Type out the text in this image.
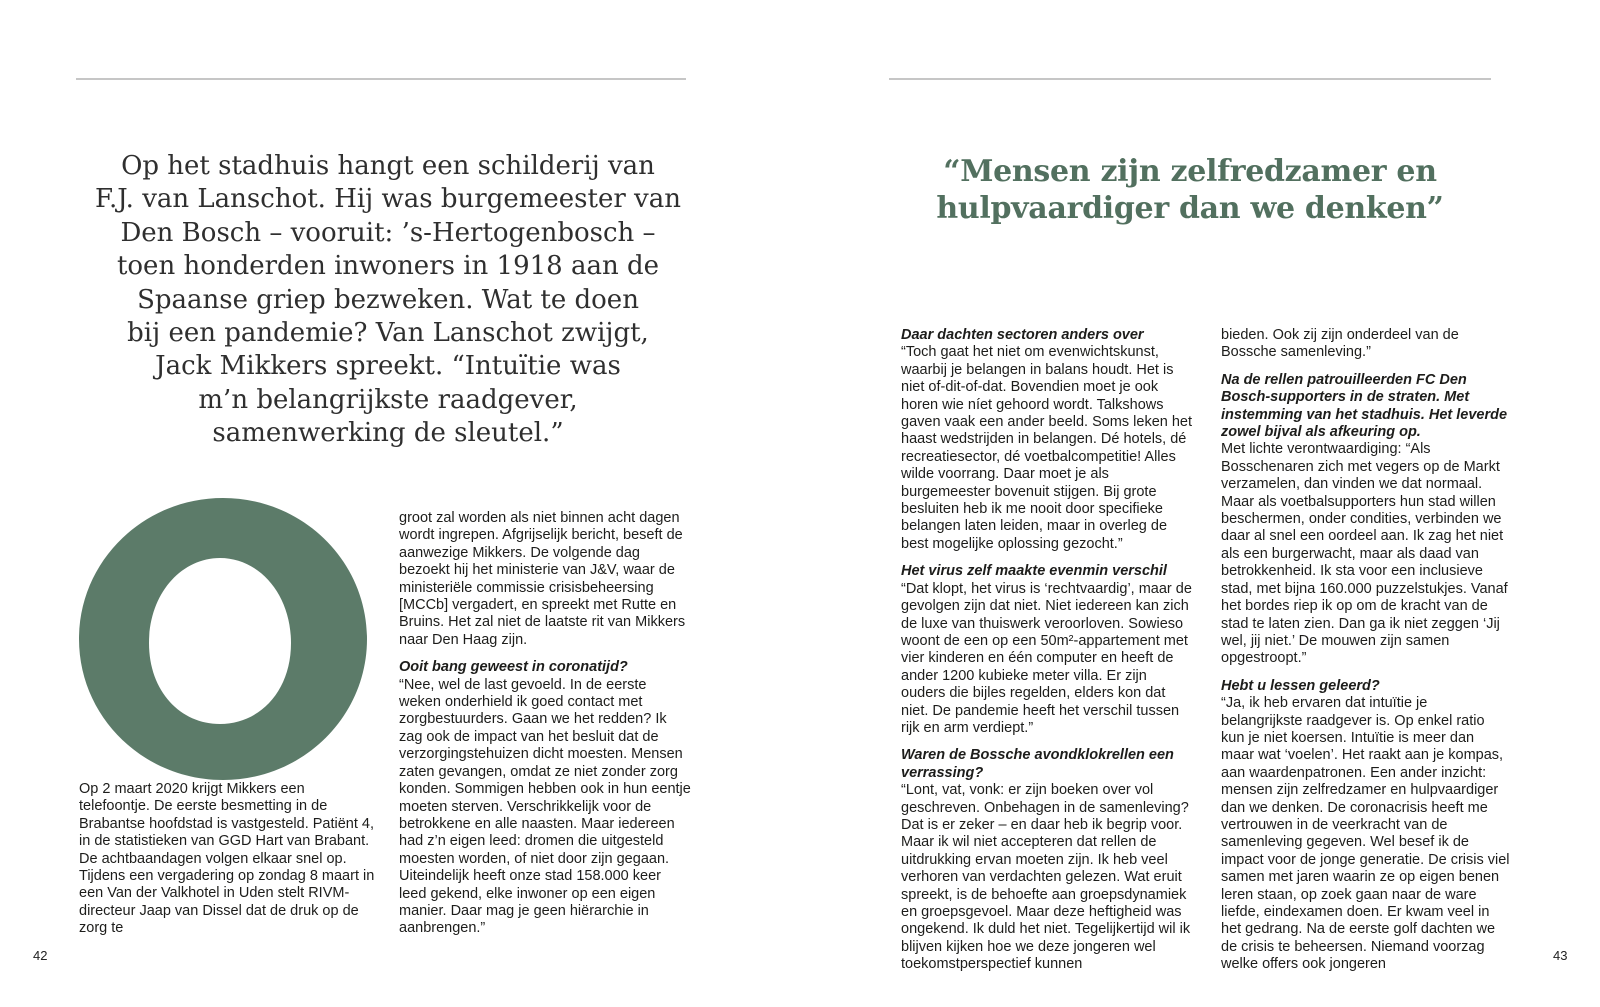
Op het stadhuis hangt een schilderij van
F.J. van Lanschot. Hij was burgemeester van
Den Bosch – vooruit: ’s-Hertogenbosch –
toen honderden inwoners in 1918 aan de
Spaanse griep bezweken. Wat te doen
bij een pandemie? Van Lanschot zwijgt,
Jack Mikkers spreekt. “Intuïtie was
m’n belangrijkste raadgever,
samenwerking de sleutel.”

Op 2 maart 2020 krijgt Mikkers een telefoontje. De eerste besmetting in de Brabantse hoofdstad is vastgesteld. Patiënt 4, in de statistieken van GGD Hart van Brabant. De achtbaandagen volgen elkaar snel op. Tijdens een vergadering op zondag 8 maart in een Van der Valkhotel in Uden stelt RIVM-directeur Jaap van Dissel dat de druk op de zorg te

groot zal worden als niet binnen acht dagen wordt ingrepen. Afgrijselijk bericht, beseft de aanwezige Mikkers. De volgende dag bezoekt hij het ministerie van J&V, waar de ministeriële commissie crisisbeheersing [MCCb] vergadert, en spreekt met Rutte en Bruins. Het zal niet de laatste rit van Mikkers naar Den Haag zijn.

Ooit bang geweest in coronatijd?

“Nee, wel de last gevoeld. In de eerste weken onderhield ik goed contact met zorgbestuurders. Gaan we het redden? Ik zag ook de impact van het besluit dat de verzorgingstehuizen dicht moesten. Mensen zaten gevangen, omdat ze niet zonder zorg konden. Sommigen hebben ook in hun eentje moeten sterven. Verschrikkelijk voor de betrokkene en alle naasten. Maar iedereen had z’n eigen leed: dromen die uitgesteld moesten worden, of niet door zijn gegaan. Uiteindelijk heeft onze stad 158.000 keer leed gekend, elke inwoner op een eigen manier. Daar mag je geen hiërarchie in aanbrengen.”

42
“Mensen zijn zelfredzamer en
hulpvaardiger dan we denken”
Daar dachten sectoren anders over

“Toch gaat het niet om evenwichtskunst, waarbij je belangen in balans houdt. Het is niet of-dit-of-dat. Bovendien moet je ook horen wie níet gehoord wordt. Talkshows gaven vaak een ander beeld. Soms leken het haast wedstrijden in belangen. Dé hotels, dé recreatiesector, dé voetbalcompetitie! Alles wilde voorrang. Daar moet je als burgemeester bovenuit stijgen. Bij grote besluiten heb ik me nooit door specifieke belangen laten leiden, maar in overleg de best mogelijke oplossing gezocht.”

Het virus zelf maakte evenmin verschil

“Dat klopt, het virus is ‘rechtvaardig’, maar de gevolgen zijn dat niet. Niet iedereen kan zich de luxe van thuiswerk veroorloven. Sowieso woont de een op een 50m²-appartement met vier kinderen en één computer en heeft de ander 1200 kubieke meter villa. Er zijn ouders die bijles regelden, elders kon dat niet. De pandemie heeft het verschil tussen rijk en arm verdiept.”

Waren de Bossche avondklokrellen een verrassing?

“Lont, vat, vonk: er zijn boeken over vol geschreven. Onbehagen in de samenleving? Dat is er zeker – en daar heb ik begrip voor. Maar ik wil niet accepteren dat rellen de uitdrukking ervan moeten zijn. Ik heb veel verhoren van verdachten gelezen. Wat eruit spreekt, is de behoefte aan groepsdynamiek en groepsgevoel. Maar deze heftigheid was ongekend. Ik duld het niet. Tegelijkertijd wil ik blijven kijken hoe we deze jongeren wel toekomstperspectief kunnen

bieden. Ook zij zijn onderdeel van de Bossche samenleving.”

Na de rellen patrouilleerden FC Den Bosch-supporters in de straten. Met instemming van het stadhuis. Het leverde zowel bijval als afkeuring op.

Met lichte verontwaardiging: “Als Bosschenaren zich met vegers op de Markt verzamelen, dan vinden we dat normaal. Maar als voetbalsupporters hun stad willen beschermen, onder condities, verbinden we daar al snel een oordeel aan. Ik zag het niet als een burgerwacht, maar als daad van betrokkenheid. Ik sta voor een inclusieve stad, met bijna 160.000 puzzelstukjes. Vanaf het bordes riep ik op om de kracht van de stad te laten zien. Dan ga ik niet zeggen ‘Jij wel, jij niet.’ De mouwen zijn samen opgestroopt.”

Hebt u lessen geleerd?

“Ja, ik heb ervaren dat intuïtie je belangrijkste raadgever is. Op enkel ratio kun je niet koersen. Intuïtie is meer dan maar wat ‘voelen’. Het raakt aan je kompas, aan waardenpatronen. Een ander inzicht: mensen zijn zelfredzamer en hulpvaardiger dan we denken. De coronacrisis heeft me vertrouwen in de veerkracht van de samenleving gegeven. Wel besef ik de impact voor de jonge generatie. De crisis viel samen met jaren waarin ze op eigen benen leren staan, op zoek gaan naar de ware liefde, eindexamen doen. Er kwam veel in het gedrang. Na de eerste golf dachten we de crisis te beheersen. Niemand voorzag welke offers ook jongeren

43
